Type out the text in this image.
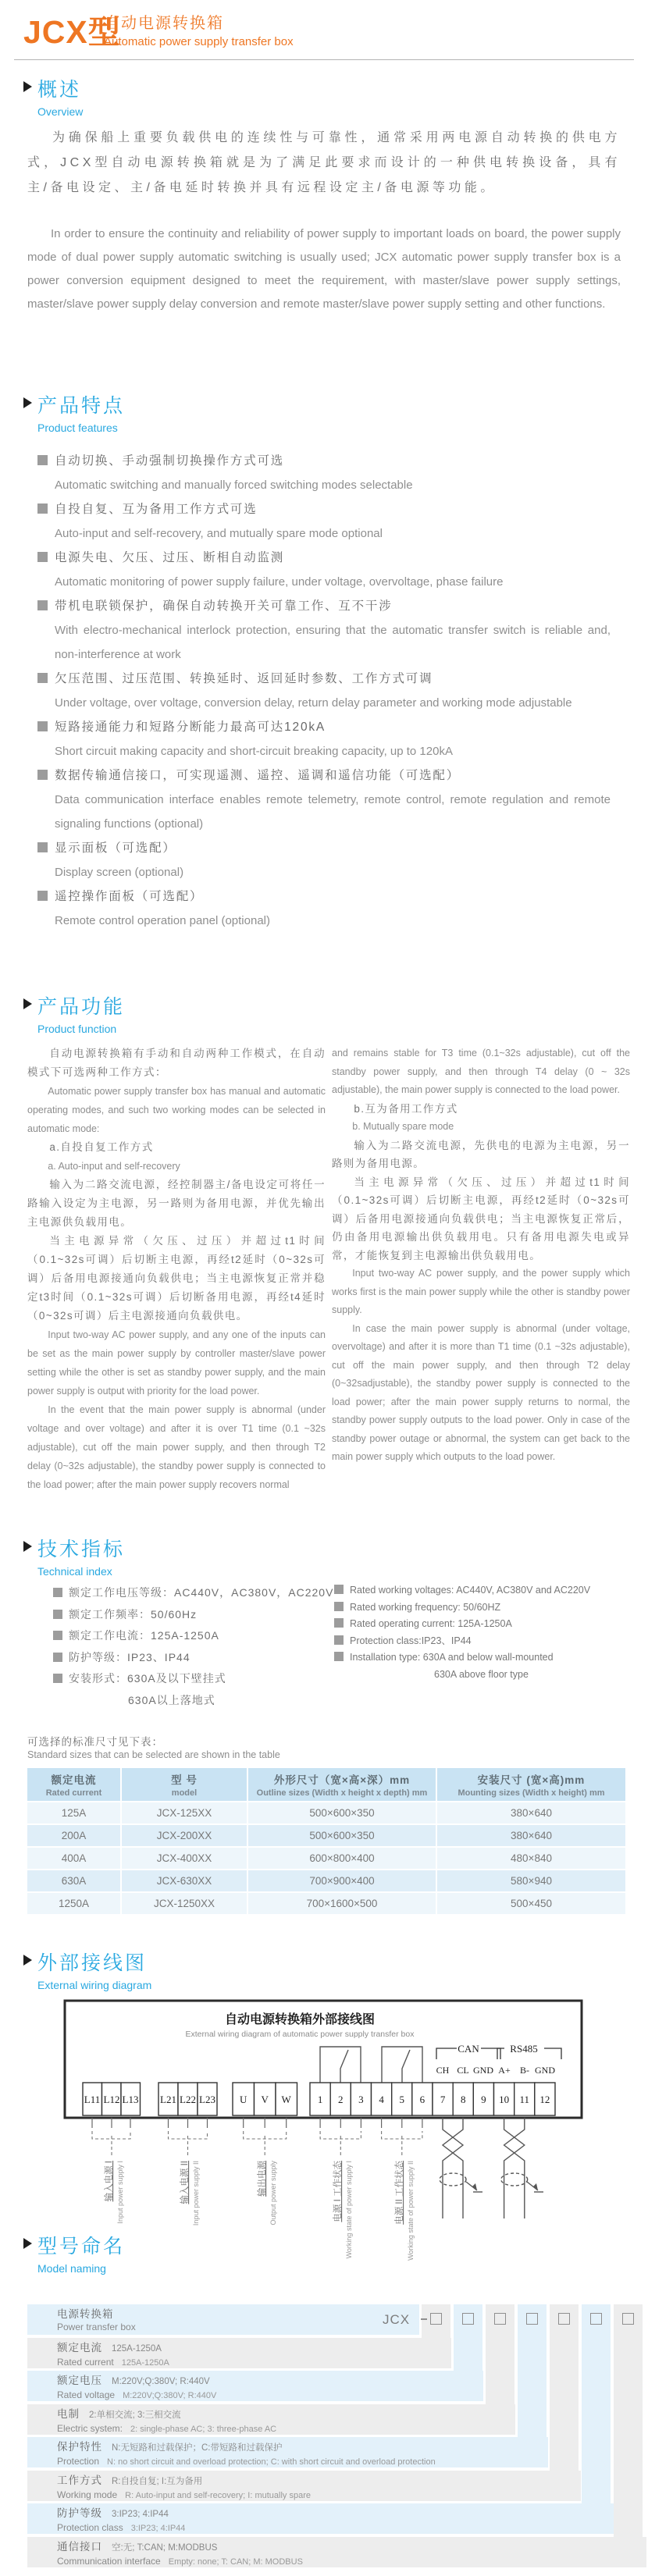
JCX型
自动电源转换箱
Automatic power supply transfer box
概述
Overview

为确保船上重要负载供电的连续性与可靠性，通常采用两电源自动转换的供电方式，JCX型自动电源转换箱就是为了满足此要求而设计的一种供电转换设备，具有主/备电设定、主/备电延时转换并具有远程设定主/备电源等功能。

In order to ensure the continuity and reliability of power supply to important loads on board, the power supply mode of dual power supply automatic switching is usually used; JCX automatic power supply transfer box is a power conversion equipment designed to meet the requirement, with master/slave power supply settings, master/slave power supply delay conversion and remote master/slave power supply setting and other functions.

产品特点
Product features
自动切换、手动强制切换操作方式可选
Automatic switching and manually forced switching modes selectable
自投自复、互为备用工作方式可选
Auto-input and self-recovery, and mutually spare mode optional
电源失电、欠压、过压、断相自动监测
Automatic monitoring of power supply failure, under voltage, overvoltage, phase failure
带机电联锁保护，确保自动转换开关可靠工作、互不干涉
With electro-mechanical interlock protection, ensuring that the automatic transfer switch is reliable and, non-interference at work
欠压范围、过压范围、转换延时、返回延时参数、工作方式可调
Under voltage, over voltage, conversion delay, return delay parameter and working mode adjustable
短路接通能力和短路分断能力最高可达120kA
Short circuit making capacity and short-circuit breaking capacity, up to 120kA
数据传输通信接口，可实现遥测、遥控、遥调和遥信功能（可选配）
Data communication interface enables remote telemetry, remote control, remote regulation and remote signaling functions (optional)
显示面板（可选配）
Display screen (optional)
遥控操作面板（可选配）
Remote control operation panel (optional)
产品功能
Product function

自动电源转换箱有手动和自动两种工作模式，在自动模式下可选两种工作方式：

Automatic power supply transfer box has manual and automatic operating modes, and such two working modes can be selected in automatic mode:

a.自投自复工作方式

a. Auto-input and self-recovery

输入为二路交流电源，经控制器主/备电设定可将任一路输入设定为主电源，另一路则为备用电源，并优先输出主电源供负载用电。

当主电源异常（欠压、过压）并超过t1时间（0.1~32s可调）后切断主电源，再经t2延时（0~32s可调）后备用电源接通向负载供电；当主电源恢复正常并稳定t3时间（0.1~32s可调）后切断备用电源，再经t4延时（0~32s可调）后主电源接通向负载供电。

Input two-way AC power supply, and any one of the inputs can be set as the main power supply by controller master/slave power setting while the other is set as standby power supply, and the main power supply is output with priority for the load power.

In the event that the main power supply is abnormal (under voltage and over voltage) and after it is over T1 time (0.1 ~32s adjustable), cut off the main power supply, and then through T2 delay (0~32s adjustable), the standby power supply is connected to the load power; after the main power supply recovers normal

and remains stable for T3 time (0.1~32s adjustable), cut off the standby power supply, and then through T4 delay (0 ~ 32s adjustable), the main power supply is connected to the load power.

b.互为备用工作方式

b. Mutually spare mode

输入为二路交流电源，先供电的电源为主电源，另一路则为备用电源。

当主电源异常（欠压、过压）并超过t1时间（0.1~32s可调）后切断主电源，再经t2延时（0~32s可调）后备用电源接通向负载供电；当主电源恢复正常后，仍由备用电源输出供负载用电。只有备用电源失电或异常，才能恢复到主电源输出供负载用电。

Input two-way AC power supply, and the power supply which works first is the main power supply while the other is standby power supply.

In case the main power supply is abnormal (under voltage, overvoltage) and after it is more than T1 time (0.1 ~32s adjustable), cut off the main power supply, and then through T2 delay (0~32sadjustable), the standby power supply is connected to the load power; after the main power supply returns to normal, the standby power supply outputs to the load power. Only in case of the standby power outage or abnormal, the system can get back to the main power supply which outputs to the load power.

技术指标
Technical index
额定工作电压等级：AC440V，AC380V，AC220V
额定工作频率：50/60Hz
额定工作电流：125A-1250A
防护等级：IP23、IP44
安装形式：630A及以下壁挂式
630A以上落地式
Rated working voltages: AC440V, AC380V and AC220V
Rated working frequency: 50/60HZ
Rated operating current: 125A-1250A
Protection class:IP23、IP44
Installation type: 630A and below wall-mounted
630A above floor type
可选择的标准尺寸见下表：
Standard sizes that can be selected are shown in the table
额定电流
Rated current

型 号
model

外形尺寸（宽×高×深）mm
Outline sizes (Width x height x depth) mm

安装尺寸 (宽×高)mm
Mounting sizes (Width x height) mm

125A	JCX-125XX	500×600×350	380×640
200A	JCX-200XX	500×600×350	380×640
400A	JCX-400XX	600×800×400	480×840
630A	JCX-630XX	700×900×400	580×940
1250A	JCX-1250XX	700×1600×500	500×450
外部接线图
External wiring diagram
自动电源转换箱外部接线图
External wiring diagram of automatic power supply transfer box
CAN	RS485
CH CL GND A+ B- GND
L11 L12 L13 L21 L22 L23 U V W	1 2 3 4 5 6 7 8 9 10 11 12
输入电源 I Input power supply I	输入电源 II Input power supply II	输出电源 Output power supply	电源 I 工作状态 Working state of power supply I	电源 II 工作状态 Working state of power supply II
型号命名
Model naming
电源转换箱
Power transfer box
额定电流 125A-1250A
Rated current 125A-1250A
额定电压 M:220V;Q:380V; R:440V
Rated voltage M:220V;Q:380V; R:440V
电制 2:单相交流; 3:三相交流
Electric system: 2: single-phase AC; 3: three-phase AC
保护特性 N:无短路和过载保护；C:带短路和过载保护
Protection N: no short circuit and overload protection; C: with short circuit and overload protection
工作方式 R:自投自复; I:互为备用
Working mode R: Auto-input and self-recovery; I: mutually spare
防护等级 3:IP23; 4:IP44
Protection class 3:IP23; 4:IP44
通信接口 空:无; T:CAN; M:MODBUS
Communication interface Empty: none; T: CAN; M: MODBUS
JCX
